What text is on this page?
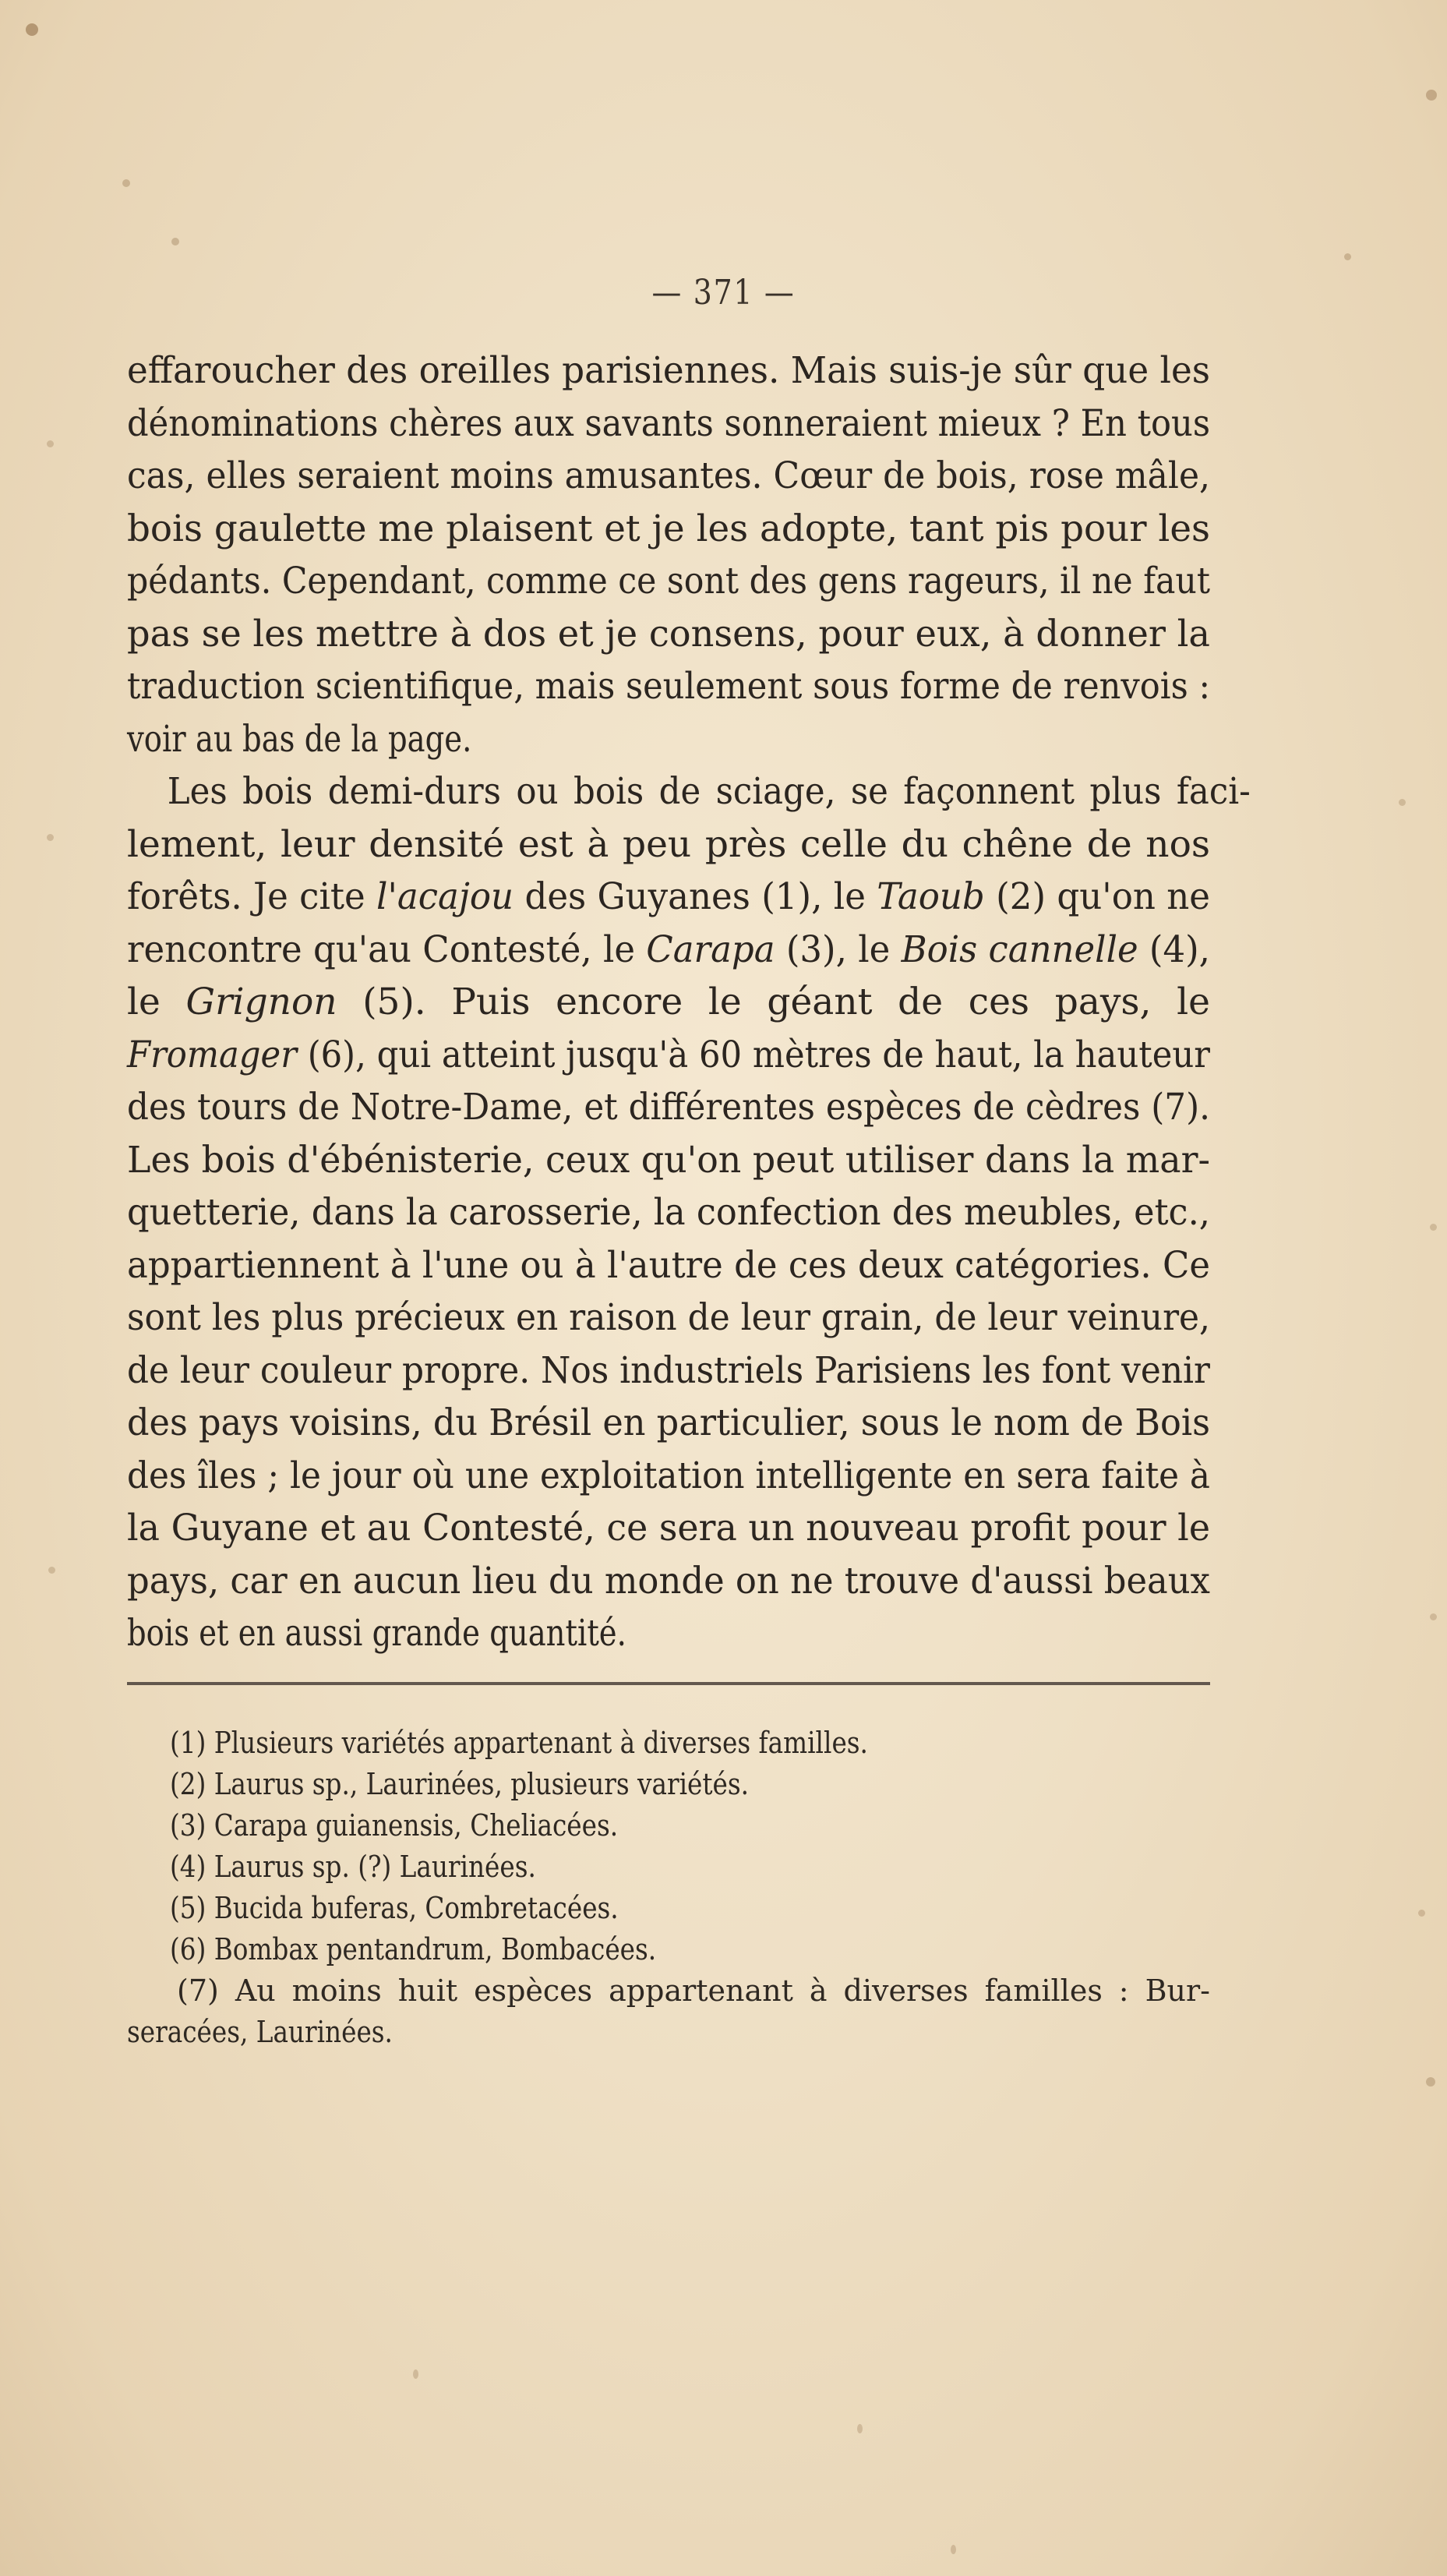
— 371 —
effaroucher des oreilles parisiennes. Mais suis-je sûr que les
dénominations chères aux savants sonneraient mieux ? En tous
cas, elles seraient moins amusantes. Cœur de bois, rose mâle,
bois gaulette me plaisent et je les adopte, tant pis pour les
pédants. Cependant, comme ce sont des gens rageurs, il ne faut
pas se les mettre à dos et je consens, pour eux, à donner la
traduction scientifique, mais seulement sous forme de renvois :
voir au bas de la page.
Les bois demi-durs ou bois de sciage, se façonnent plus faci-
lement, leur densité est à peu près celle du chêne de nos
forêts. Je cite l'acajou des Guyanes (1), le Taoub (2) qu'on ne
rencontre qu'au Contesté, le Carapa (3), le Bois cannelle (4),
le Grignon (5). Puis encore le géant de ces pays, le
Fromager (6), qui atteint jusqu'à 60 mètres de haut, la hauteur
des tours de Notre-Dame, et différentes espèces de cèdres (7).
Les bois d'ébénisterie, ceux qu'on peut utiliser dans la mar-
quetterie, dans la carosserie, la confection des meubles, etc.,
appartiennent à l'une ou à l'autre de ces deux catégories. Ce
sont les plus précieux en raison de leur grain, de leur veinure,
de leur couleur propre. Nos industriels Parisiens les font venir
des pays voisins, du Brésil en particulier, sous le nom de Bois
des îles ; le jour où une exploitation intelligente en sera faite à
la Guyane et au Contesté, ce sera un nouveau profit pour le
pays, car en aucun lieu du monde on ne trouve d'aussi beaux
bois et en aussi grande quantité.
(1) Plusieurs variétés appartenant à diverses familles.
(2) Laurus sp., Laurinées, plusieurs variétés.
(3) Carapa guianensis, Cheliacées.
(4) Laurus sp. (?) Laurinées.
(5) Bucida buferas, Combretacées.
(6) Bombax pentandrum, Bombacées.
(7) Au moins huit espèces appartenant à diverses familles : Bur-
seracées, Laurinées.
